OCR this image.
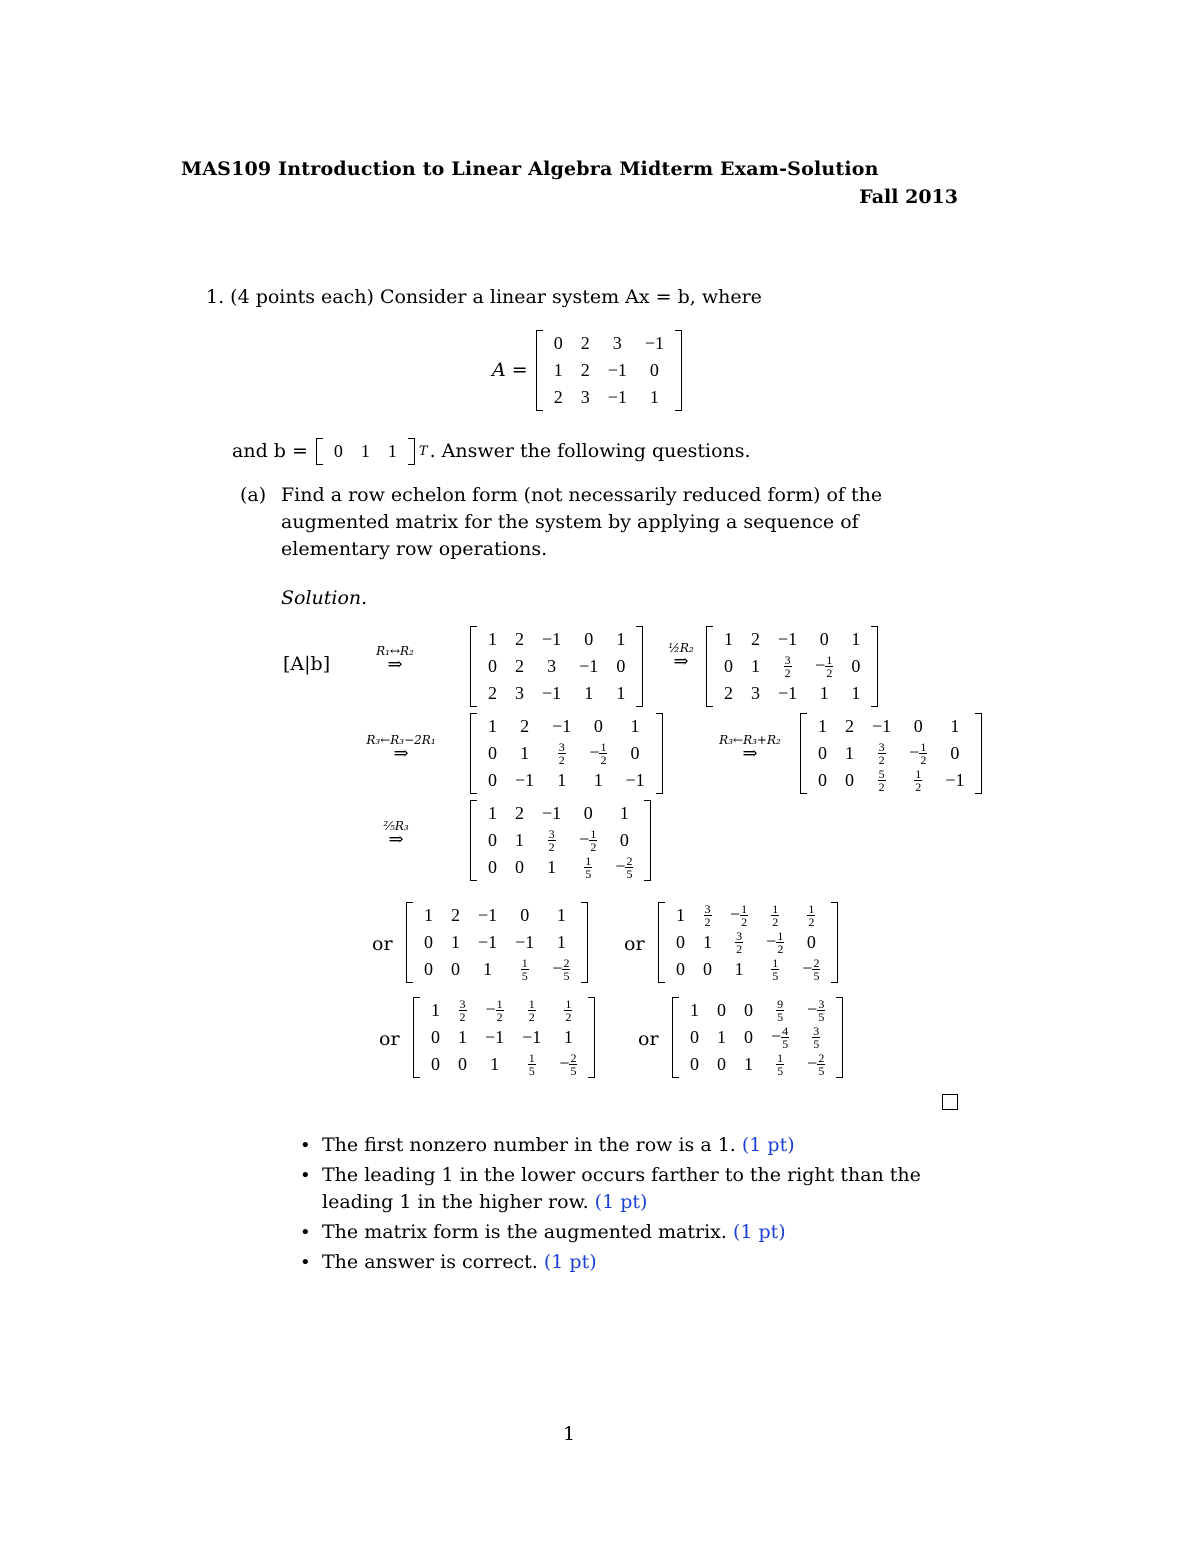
MAS109 Introduction to Linear Algebra Midterm Exam-Solution
Fall 2013
1. (4 points each) Consider a linear system Ax = b, where
A =
0	2	3	−1
1	2	−1	0
2	3	−1	1
and b = 0	1	1 T . Answer the following questions.
(a) Find a row echelon form (not necessarily reduced form) of the augmented matrix for the system by applying a sequence of elementary row operations.
Solution.
[A|b]
R₁↔R₂
⇒
1	2	−1	0	1
0	2	3	−1	0
2	3	−1	1	1
½R₂
⇒
1	2	−1	0	1
0	1	$\frac{3}{2}$	− $\frac{1}{2}$	0
2	3	−1	1	1
R₃←R₃−2R₁
⇒
1	2	−1	0	1
0	1	$\frac{3}{2}$	− $\frac{1}{2}$	0
0	−1	1	1	−1
R₃←R₃+R₂
⇒
1	2	−1	0	1
0	1	$\frac{3}{2}$	− $\frac{1}{2}$	0
0	0	$\frac{5}{2}$	$\frac{1}{2}$	−1
⅖R₃
⇒
1	2	−1	0	1
0	1	$\frac{3}{2}$	− $\frac{1}{2}$	0
0	0	1	$\frac{1}{5}$	− $\frac{2}{5}$
or
1	2	−1	0	1
0	1	−1	−1	1
0	0	1	$\frac{1}{5}$	− $\frac{2}{5}$
or
1	$\frac{3}{2}$	− $\frac{1}{2}$	$\frac{1}{2}$	$\frac{1}{2}$

0	1	$\frac{3}{2}$	− $\frac{1}{2}$	0
0	0	1	$\frac{1}{5}$	− $\frac{2}{5}$
or
1	$\frac{3}{2}$	− $\frac{1}{2}$	$\frac{1}{2}$	$\frac{1}{2}$

0	1	−1	−1	1
0	0	1	$\frac{1}{5}$	− $\frac{2}{5}$
or
1	0	0	$\frac{9}{5}$	− $\frac{3}{5}$

0	1	0	− $\frac{4}{5}$	$\frac{3}{5}$

0	0	1	$\frac{1}{5}$	− $\frac{2}{5}$
• The first nonzero number in the row is a 1. (1 pt)
• The leading 1 in the lower occurs farther to the right than the leading 1 in the higher row. (1 pt)
• The matrix form is the augmented matrix. (1 pt)
• The answer is correct. (1 pt)
1
